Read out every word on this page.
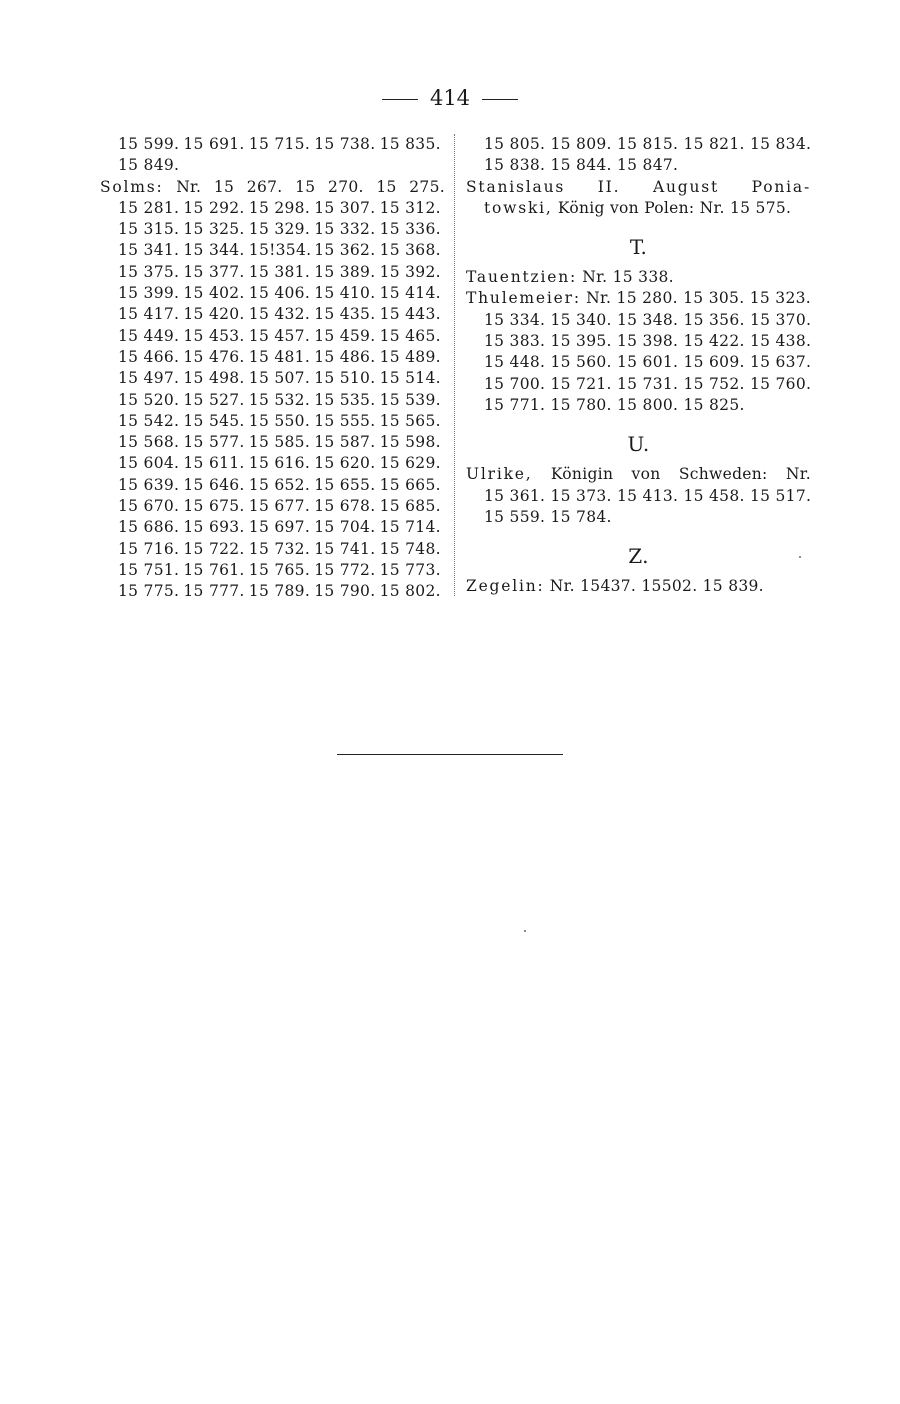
414
15 599. 15 691. 15 715. 15 738. 15 835.
15 849.
Solms: Nr. 15 267. 15 270. 15 275.
15 281. 15 292. 15 298. 15 307. 15 312.
15 315. 15 325. 15 329. 15 332. 15 336.
15 341. 15 344. 15!354. 15 362. 15 368.
15 375. 15 377. 15 381. 15 389. 15 392.
15 399. 15 402. 15 406. 15 410. 15 414.
15 417. 15 420. 15 432. 15 435. 15 443.
15 449. 15 453. 15 457. 15 459. 15 465.
15 466. 15 476. 15 481. 15 486. 15 489.
15 497. 15 498. 15 507. 15 510. 15 514.
15 520. 15 527. 15 532. 15 535. 15 539.
15 542. 15 545. 15 550. 15 555. 15 565.
15 568. 15 577. 15 585. 15 587. 15 598.
15 604. 15 611. 15 616. 15 620. 15 629.
15 639. 15 646. 15 652. 15 655. 15 665.
15 670. 15 675. 15 677. 15 678. 15 685.
15 686. 15 693. 15 697. 15 704. 15 714.
15 716. 15 722. 15 732. 15 741. 15 748.
15 751. 15 761. 15 765. 15 772. 15 773.
15 775. 15 777. 15 789. 15 790. 15 802.
15 805. 15 809. 15 815. 15 821. 15 834.
15 838. 15 844. 15 847.
Stanislaus II. August Ponia-
towski, König von Polen: Nr. 15 575.
T.
Tauentzien: Nr. 15 338.
Thulemeier: Nr. 15 280. 15 305. 15 323.
15 334. 15 340. 15 348. 15 356. 15 370.
15 383. 15 395. 15 398. 15 422. 15 438.
15 448. 15 560. 15 601. 15 609. 15 637.
15 700. 15 721. 15 731. 15 752. 15 760.
15 771. 15 780. 15 800. 15 825.
U.
Ulrike, Königin von Schweden: Nr.
15 361. 15 373. 15 413. 15 458. 15 517.
15 559. 15 784.
Z.
Zegelin: Nr. 15437. 15502. 15 839.
